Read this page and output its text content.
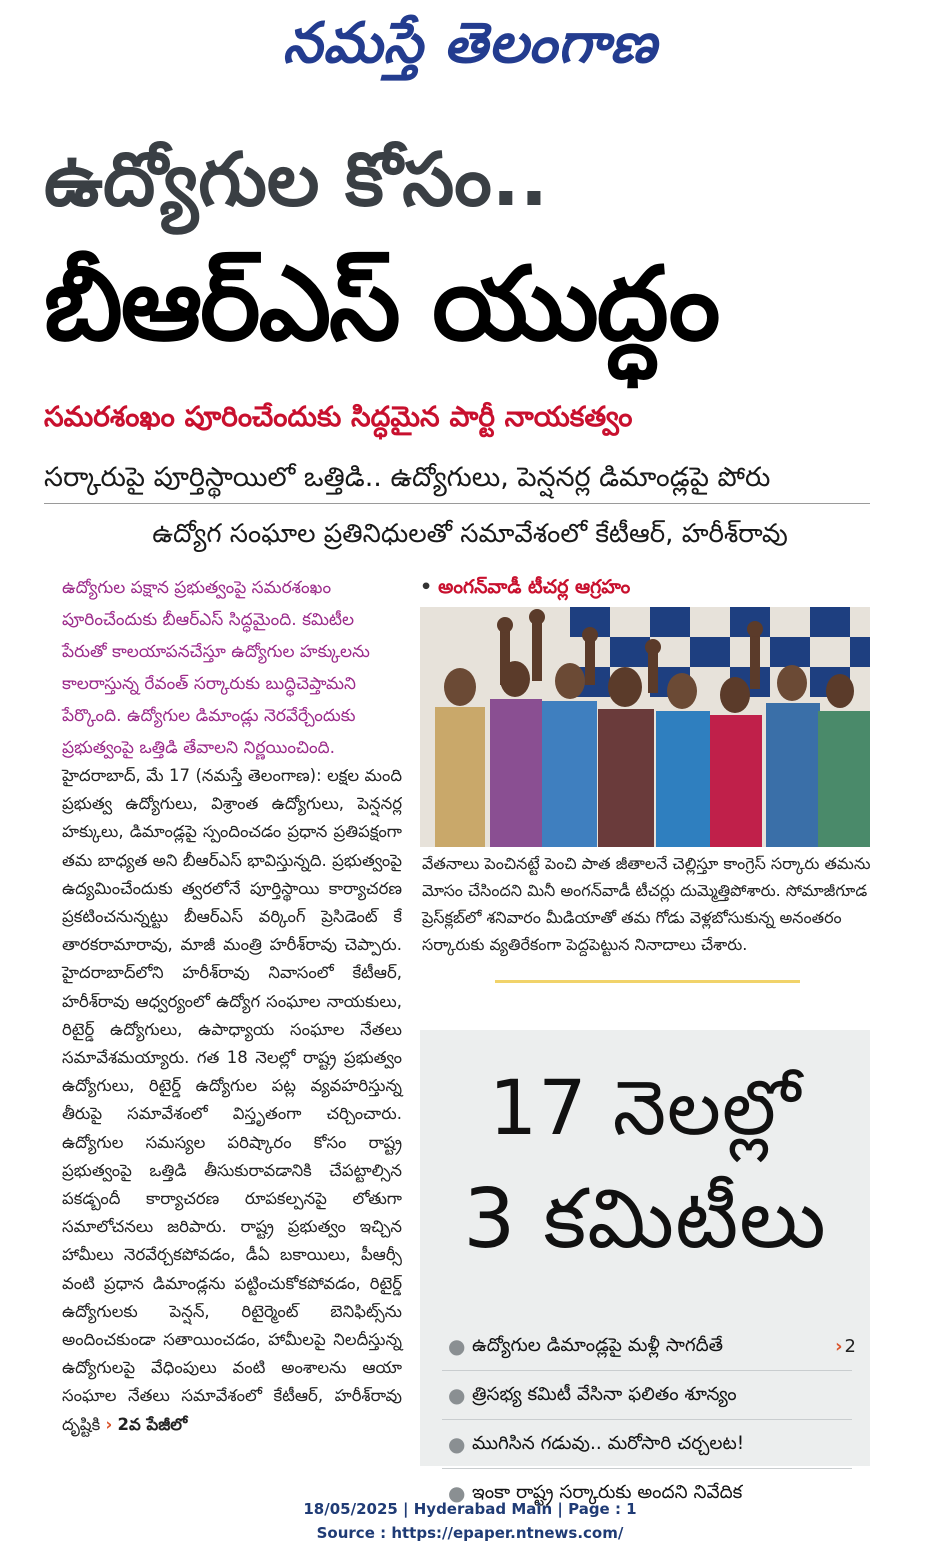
నమస్తే తెలంగాణ
ఉద్యోగుల కోసం..
బీఆర్ఎస్ యుద్ధం
సమరశంఖం పూరించేందుకు సిద్ధమైన పార్టీ నాయకత్వం
సర్కారుపై పూర్తిస్థాయిలో ఒత్తిడి.. ఉద్యోగులు, పెన్షనర్ల డిమాండ్లపై పోరు
ఉద్యోగ సంఘాల ప్రతినిధులతో సమావేశంలో కేటీఆర్, హరీశ్‌రావు
ఉద్యోగుల పక్షాన ప్రభుత్వంపై సమరశంఖం పూరించేందుకు బీఆర్ఎస్ సిద్ధమైంది. కమిటీల పేరుతో కాలయాపనచేస్తూ ఉద్యోగుల హక్కులను కాలరాస్తున్న రేవంత్ సర్కారుకు బుద్ధిచెప్తామని పేర్కొంది. ఉద్యోగుల డిమాండ్లు నెరవేర్చేందుకు ప్రభుత్వంపై ఒత్తిడి తేవాలని నిర్ణయించింది.
హైదరాబాద్, మే 17 (నమస్తే తెలంగాణ): లక్షల మంది ప్రభుత్వ ఉద్యోగులు, విశ్రాంత ఉద్యోగులు, పెన్షనర్ల హక్కులు, డిమాండ్లపై స్పందించడం ప్రధాన ప్రతిపక్షంగా తమ బాధ్యత అని బీఆర్ఎస్ భావిస్తున్నది. ప్రభుత్వంపై ఉద్యమించేందుకు త్వరలోనే పూర్తిస్థాయి కార్యాచరణ ప్రకటించనున్నట్టు బీఆర్ఎస్ వర్కింగ్ ప్రెసిడెంట్ కే తారకరామారావు, మాజీ మంత్రి హరీశ్‌రావు చెప్పారు. హైదరాబాద్‌లోని హరీశ్‌రావు నివాసంలో కేటీఆర్, హరీశ్‌రావు ఆధ్వర్యంలో ఉద్యోగ సంఘాల నాయకులు, రిటైర్డ్ ఉద్యోగులు, ఉపాధ్యాయ సంఘాల నేతలు సమావేశమయ్యారు. గత 18 నెలల్లో రాష్ట్ర ప్రభుత్వం ఉద్యోగులు, రిటైర్డ్ ఉద్యోగుల పట్ల వ్యవహరిస్తున్న తీరుపై సమావేశంలో విస్తృతంగా చర్చించారు. ఉద్యోగుల సమస్యల పరిష్కారం కోసం రాష్ట్ర ప్రభుత్వంపై ఒత్తిడి తీసుకురావడానికి చేపట్టాల్సిన పకడ్బందీ కార్యాచరణ రూపకల్పనపై లోతుగా సమాలోచనలు జరిపారు. రాష్ట్ర ప్రభుత్వం ఇచ్చిన హామీలు నెరవేర్చకపోవడం, డీఏ బకాయిలు, పీఆర్సీ వంటి ప్రధాన డిమాండ్లను పట్టించుకోకపోవడం, రిటైర్డ్ ఉద్యోగులకు పెన్షన్, రిటైర్మెంట్ బెనిఫిట్స్‌ను అందించకుండా సతాయించడం, హామీలపై నిలదీస్తున్న ఉద్యోగులపై వేధింపులు వంటి అంశాలను ఆయా సంఘాల నేతలు సమావేశంలో కేటీఆర్, హరీశ్‌రావు దృష్టికి › 2వ పేజీలో
• అంగన్‌వాడీ టీచర్ల ఆగ్రహం
వేతనాలు పెంచినట్టే పెంచి పాత జీతాలనే చెల్లిస్తూ కాంగ్రెస్ సర్కారు తమను మోసం చేసిందని మినీ అంగన్‌వాడీ టీచర్లు దుమ్మెత్తిపోశారు. సోమాజీగూడ ప్రెస్‌క్లబ్‌లో శనివారం మీడియాతో తమ గోడు వెళ్లబోసుకున్న అనంతరం సర్కారుకు వ్యతిరేకంగా పెద్దపెట్టున నినాదాలు చేశారు.
17 నెలల్లో
3 కమిటీలు
› 2
● ఉద్యోగుల డిమాండ్లపై మళ్లీ సాగదీతే
● త్రిసభ్య కమిటీ వేసినా ఫలితం శూన్యం
● ముగిసిన గడువు.. మరోసారి చర్చలట!
● ఇంకా రాష్ట్ర సర్కారుకు అందని నివేదిక
18/05/2025 | Hyderabad Main | Page : 1
Source : https://epaper.ntnews.com/
